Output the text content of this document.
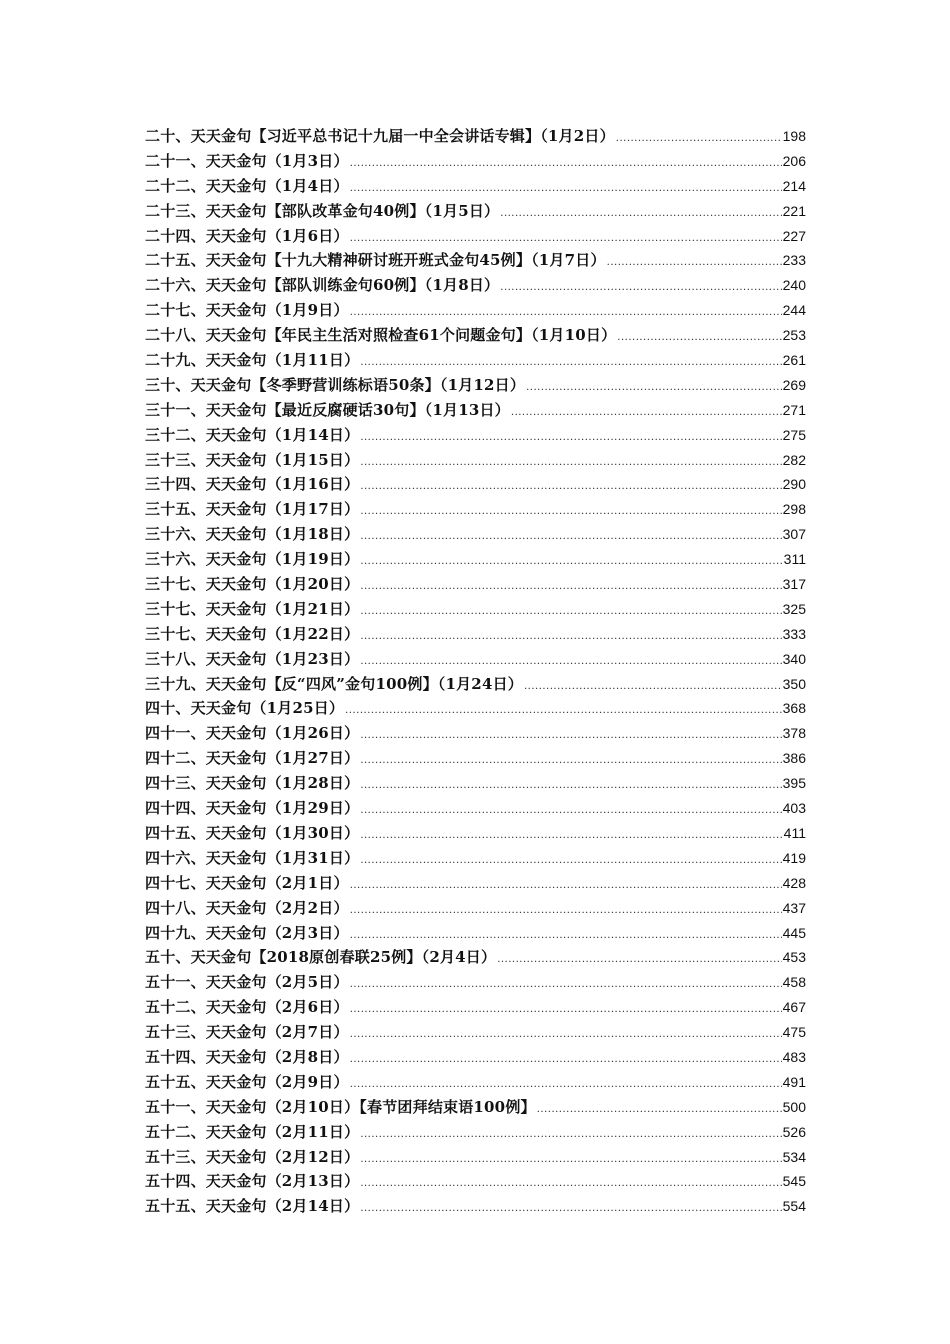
二十、天天金句【习近平总书记十九届一中全会讲话专辑】（1月2日） .....	198
二十一、天天金句（1月3日） .....	206
二十二、天天金句（1月4日） .....	214
二十三、天天金句【部队改革金句40例】（1月5日） .....	221
二十四、天天金句（1月6日） .....	227
二十五、天天金句【十九大精神研讨班开班式金句45例】（1月7日） .....	233
二十六、天天金句【部队训练金句60例】（1月8日） .....	240
二十七、天天金句（1月9日） .....	244
二十八、天天金句【年民主生活对照检查61个问题金句】（1月10日） .....	253
二十九、天天金句（1月11日） .....	261
三十、天天金句【冬季野营训练标语50条】（1月12日） .....	269
三十一、天天金句【最近反腐硬话30句】（1月13日） .....	271
三十二、天天金句（1月14日） .....	275
三十三、天天金句（1月15日） .....	282
三十四、天天金句（1月16日） .....	290
三十五、天天金句（1月17日） .....	298
三十六、天天金句（1月18日） .....	307
三十六、天天金句（1月19日） .....	311
三十七、天天金句（1月20日） .....	317
三十七、天天金句（1月21日） .....	325
三十七、天天金句（1月22日） .....	333
三十八、天天金句（1月23日） .....	340
三十九、天天金句【反“四风”金句100例】（1月24日） .....	350
四十、天天金句（1月25日） .....	368
四十一、天天金句（1月26日） .....	378
四十二、天天金句（1月27日） .....	386
四十三、天天金句（1月28日） .....	395
四十四、天天金句（1月29日） .....	403
四十五、天天金句（1月30日） .....	411
四十六、天天金句（1月31日） .....	419
四十七、天天金句（2月1日） .....	428
四十八、天天金句（2月2日） .....	437
四十九、天天金句（2月3日） .....	445
五十、天天金句【2018原创春联25例】（2月4日） .....	453
五十一、天天金句（2月5日） .....	458
五十二、天天金句（2月6日） .....	467
五十三、天天金句（2月7日） .....	475
五十四、天天金句（2月8日） .....	483
五十五、天天金句（2月9日） .....	491
五十一、天天金句（2月10日）【春节团拜结束语100例】 .....	500
五十二、天天金句（2月11日） .....	526
五十三、天天金句（2月12日） .....	534
五十四、天天金句（2月13日） .....	545
五十五、天天金句（2月14日） .....	554
